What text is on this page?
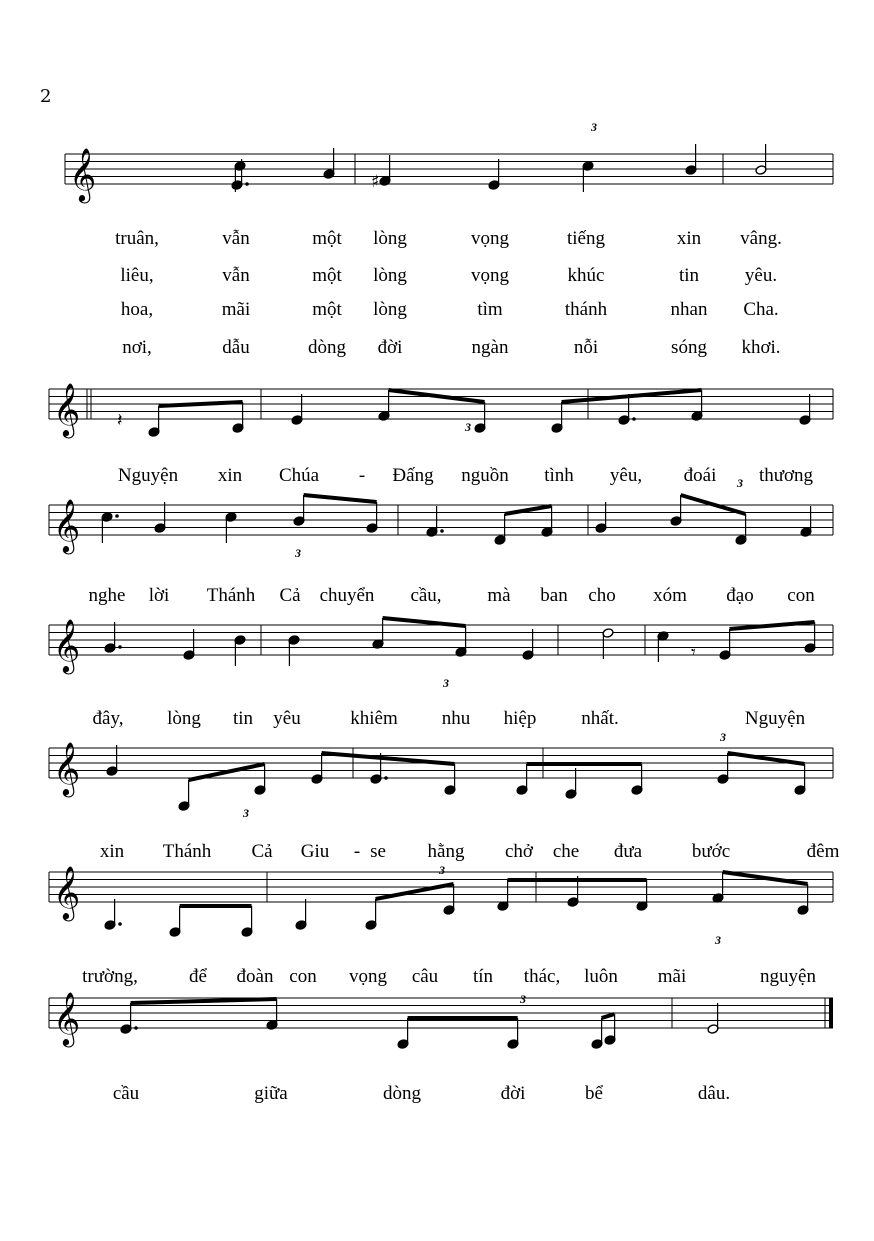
2
𝄞	♯
3
truân,	vẫn	một lòng	vọng	tiếng	xin vâng.
liêu,	vẫn	một lòng	vọng	khúc	tin yêu.
hoa,	mãi	một lòng	tìm	thánh	nhan Cha.
nơi,	dẫu	dòng đời	ngàn	nỗi	sóng khơi.
𝄞 𝄽	3
Nguyện xin Chúa - Đấng nguồn tình yêu, đoái thương
𝄞
3
3
nghe lời Thánh Cả chuyển cầu, mà ban cho xóm đạo con
𝄞	𝄾
3
đây, lòng tin yêu	khiêm nhu hiệp nhất.	Nguyện
𝄞
3
3
xin Thánh Cả Giu - se hằng chở che đưa	bước	đêm
𝄞	3
3
trường,	để đoàn con vọng câu tín thác, luôn mãi	nguyện
𝄞	3
cầu	giữa	dòng	đời	bể	dâu.
